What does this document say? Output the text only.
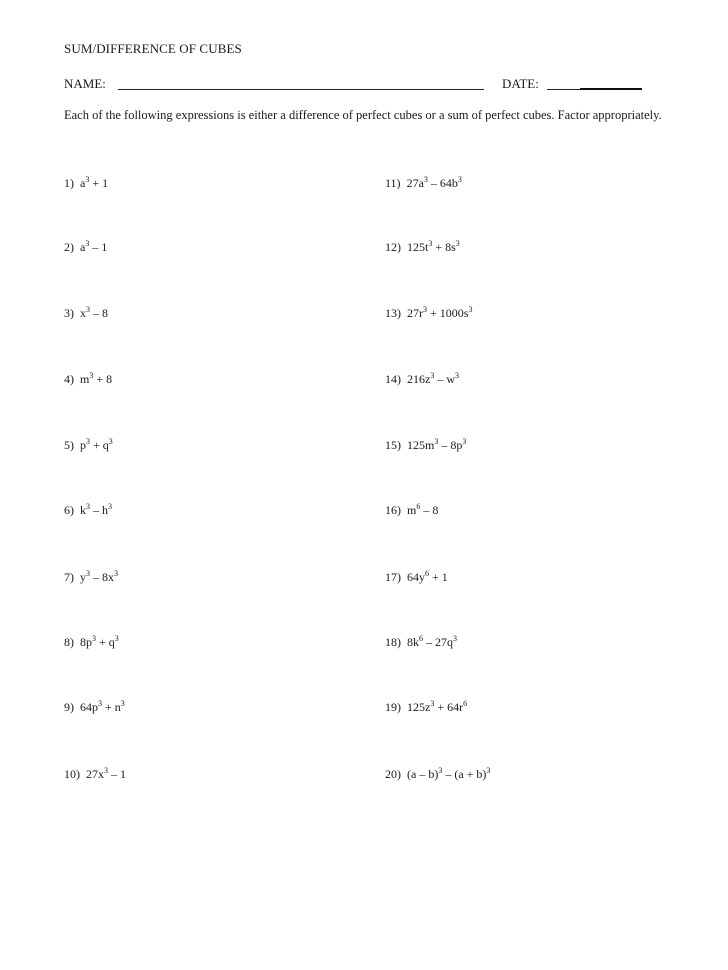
SUM/DIFFERENCE OF CUBES
NAME:	DATE:
Each of the following expressions is either a difference of perfect cubes or a sum of perfect cubes. Factor appropriately.
1) $a^3 + 1$
2) $a^3 - 1$
3) $x^3 - 8$
4) $m^3 + 8$
5) $p^3 + q^3$
6) $k^3 - h^3$
7) $y^3 - 8x^3$
8) $8p^3 + q^3$
9) $64p^3 + n^3$
10) $27x^3 - 1$
11) $27a^3 - 64b^3$
12) $125t^3 + 8s^3$
13) $27r^3 + 1000s^3$
14) $216z^3 - w^3$
15) $125m^3 - 8p^3$
16) $m^6 - 8$
17) $64y^6 + 1$
18) $8k^6 - 27q^3$
19) $125z^3 + 64r^6$
20) $(a - b)^3 - (a + b)^3$
